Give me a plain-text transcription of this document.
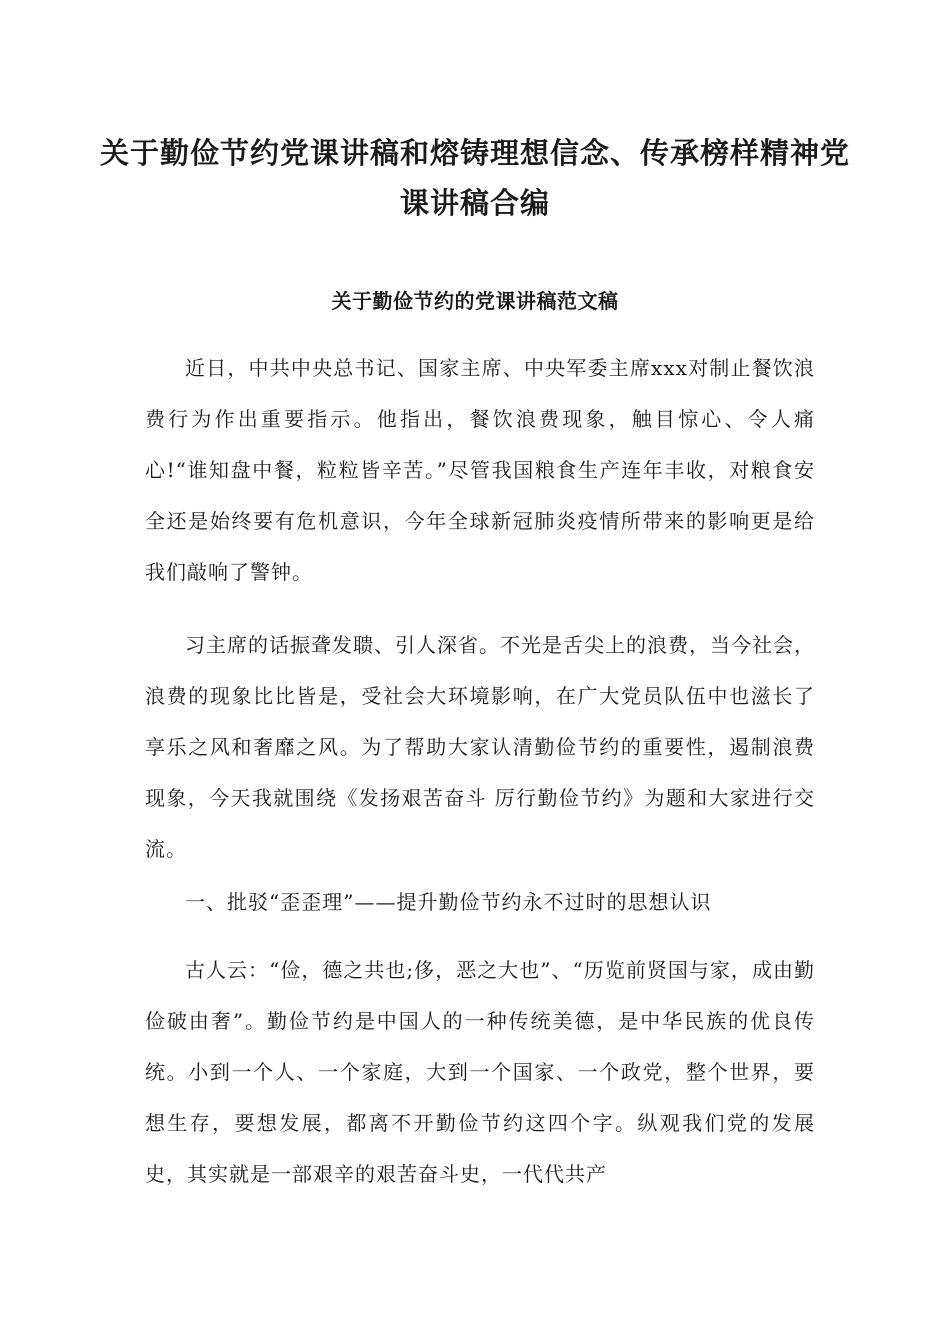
关于勤俭节约党课讲稿和熔铸理想信念、传承榜样精神党课讲稿合编
关于勤俭节约的党课讲稿范文稿

近日，中共中央总书记、国家主席、中央军委主席xxx对制止餐饮浪费行为作出重要指示。他指出，餐饮浪费现象，触目惊心、令人痛心!“谁知盘中餐，粒粒皆辛苦。”尽管我国粮食生产连年丰收，对粮食安全还是始终要有危机意识，今年全球新冠肺炎疫情所带来的影响更是给我们敲响了警钟。

习主席的话振聋发聩、引人深省。不光是舌尖上的浪费，当今社会，浪费的现象比比皆是，受社会大环境影响，在广大党员队伍中也滋长了享乐之风和奢靡之风。为了帮助大家认清勤俭节约的重要性，遏制浪费现象，今天我就围绕《发扬艰苦奋斗 厉行勤俭节约》为题和大家进行交流。

一、批驳“歪歪理”——提升勤俭节约永不过时的思想认识

古人云：“俭，德之共也;侈，恶之大也”、“历览前贤国与家，成由勤俭破由奢”。勤俭节约是中国人的一种传统美德，是中华民族的优良传统。小到一个人、一个家庭，大到一个国家、一个政党，整个世界，要想生存，要想发展，都离不开勤俭节约这四个字。纵观我们党的发展史，其实就是一部艰辛的艰苦奋斗史，一代代共产
